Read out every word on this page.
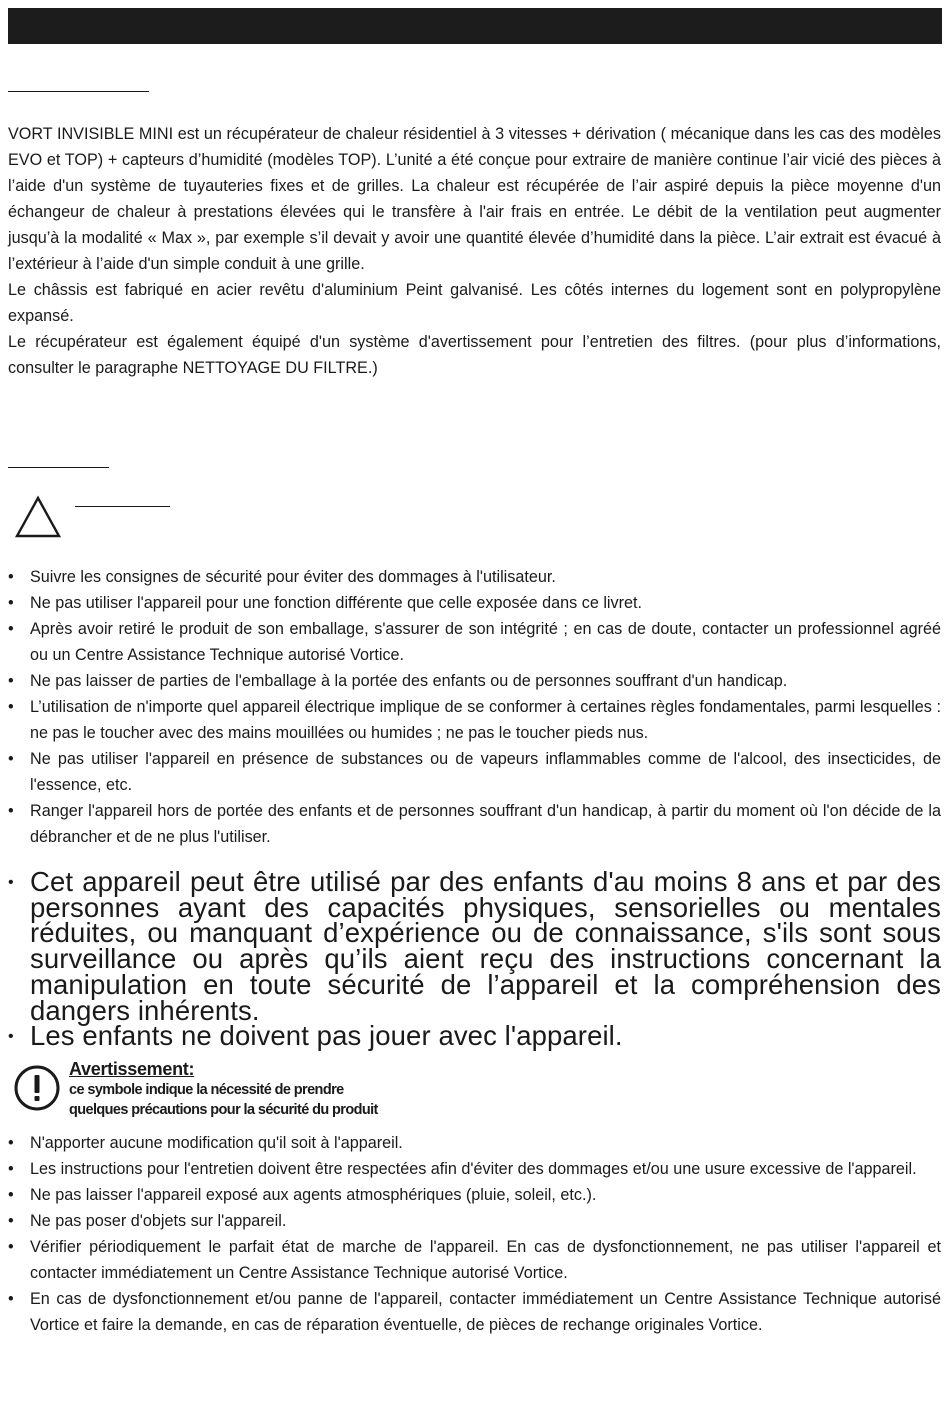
VORT INVISIBLE MINI est un récupérateur de chaleur résidentiel à 3 vitesses + dérivation ( mécanique dans les cas des modèles EVO et TOP) + capteurs d’humidité (modèles TOP). L’unité a été conçue pour extraire de manière continue l’air vicié des pièces à l’aide d'un système de tuyauteries fixes et de grilles. La chaleur est récupérée de l’air aspiré depuis la pièce moyenne d'un échangeur de chaleur à prestations élevées qui le transfère à l'air frais en entrée. Le débit de la ventilation peut augmenter jusqu’à la modalité « Max », par exemple s’il devait y avoir une quantité élevée d’humidité dans la pièce. L’air extrait est évacué à l’extérieur à l’aide d'un simple conduit à une grille.

Le châssis est fabriqué en acier revêtu d'aluminium Peint galvanisé. Les côtés internes du logement sont en polypropylène expansé.

Le récupérateur est également équipé d'un système d'avertissement pour l’entretien des filtres. (pour plus d’informations, consulter le paragraphe NETTOYAGE DU FILTRE.)

• Suivre les consignes de sécurité pour éviter des dommages à l'utilisateur.
• Ne pas utiliser l'appareil pour une fonction différente que celle exposée dans ce livret.
• Après avoir retiré le produit de son emballage, s'assurer de son intégrité ; en cas de doute, contacter un professionnel agréé ou un Centre Assistance Technique autorisé Vortice.
• Ne pas laisser de parties de l'emballage à la portée des enfants ou de personnes souffrant d'un handicap.
• L’utilisation de n'importe quel appareil électrique implique de se conformer à certaines règles fondamentales, parmi lesquelles : ne pas le toucher avec des mains mouillées ou humides ; ne pas le toucher pieds nus.
• Ne pas utiliser l'appareil en présence de substances ou de vapeurs inflammables comme de l'alcool, des insecticides, de l'essence, etc.
• Ranger l'appareil hors de portée des enfants et de personnes souffrant d'un handicap, à partir du moment où l'on décide de la débrancher et de ne plus l'utiliser.
• Cet appareil peut être utilisé par des enfants d'au moins 8 ans et par des personnes ayant des capacités physiques, sensorielles ou mentales réduites, ou manquant d’expérience ou de connaissance, s'ils sont sous surveillance ou après qu’ils aient reçu des instructions concernant la manipulation en toute sécurité de l’appareil et la compréhension des dangers inhérents.
• Les enfants ne doivent pas jouer avec l'appareil.
Avertissement:
ce symbole indique la nécessité de prendre
quelques précautions pour la sécurité du produit
• N'apporter aucune modification qu'il soit à l'appareil.
• Les instructions pour l'entretien doivent être respectées afin d'éviter des dommages et/ou une usure excessive de l'appareil.
• Ne pas laisser l'appareil exposé aux agents atmosphériques (pluie, soleil, etc.).
• Ne pas poser d'objets sur l'appareil.
• Vérifier périodiquement le parfait état de marche de l'appareil. En cas de dysfonctionnement, ne pas utiliser l'appareil et contacter immédiatement un Centre Assistance Technique autorisé Vortice.
• En cas de dysfonctionnement et/ou panne de l'appareil, contacter immédiatement un Centre Assistance Technique autorisé Vortice et faire la demande, en cas de réparation éventuelle, de pièces de rechange originales Vortice.
